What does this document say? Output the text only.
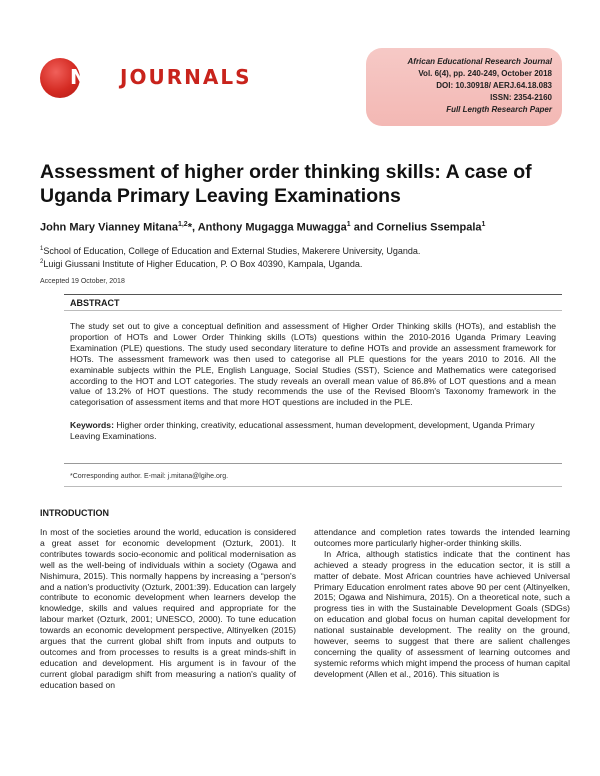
NETJOURNALS
African Educational Research Journal
Vol. 6(4), pp. 240-249, October 2018
DOI: 10.30918/ AERJ.64.18.083
ISSN: 2354-2160
Full Length Research Paper
Assessment of higher order thinking skills: A case of Uganda Primary Leaving Examinations
John Mary Vianney Mitana$^{1,2}$*, Anthony Mugagga Muwagga$^1$ and Cornelius Ssempala$^1$
$^1$School of Education, College of Education and External Studies, Makerere University, Uganda.
$^2$Luigi Giussani Institute of Higher Education, P. O Box 40390, Kampala, Uganda.
Accepted 19 October, 2018
ABSTRACT
The study set out to give a conceptual definition and assessment of Higher Order Thinking skills (HOTs), and establish the proportion of HOTs and Lower Order Thinking skills (LOTs) questions within the 2010-2016 Uganda Primary Leaving Examination (PLE) questions. The study used secondary literature to define HOTs and provide an assessment framework for HOTs. The assessment framework was then used to categorise all PLE questions for the years 2010 to 2016. All the examinable subjects within the PLE, English Language, Social Studies (SST), Science and Mathematics were categorised according to the HOT and LOT categories. The study reveals an overall mean value of 86.8% of LOT questions and a mean value of 13.2% of HOT questions. The study recommends the use of the Revised Bloom's Taxonomy framework in the categorisation of assessment items and that more HOT questions are included in the PLE.
Keywords: Higher order thinking, creativity, educational assessment, human development, development, Uganda Primary Leaving Examinations.
*Corresponding author. E-mail: j.mitana@lgihe.org.
INTRODUCTION

In most of the societies around the world, education is considered a great asset for economic development (Ozturk, 2001). It contributes towards socio-economic and political modernisation as well as the well-being of individuals within a society (Ogawa and Nishimura, 2015). This normally happens by increasing a “person's and a nation's productivity (Ozturk, 2001:39). Education can largely contribute to economic development when learners develop the knowledge, skills and values required and appropriate for the labour market (Ozturk, 2001; UNESCO, 2000). To tune education towards an economic development perspective, Altinyelken (2015) argues that the current global shift from inputs and outputs to outcomes and from processes to results is a great minds-shift in education and development. His argument is in favour of the current global paradigm shift from measuring a nation's quality of education based on

attendance and completion rates towards the intended learning outcomes more particularly higher-order thinking skills.

In Africa, although statistics indicate that the continent has achieved a steady progress in the education sector, it is still a matter of debate. Most African countries have achieved Universal Primary Education enrolment rates above 90 per cent (Altinyelken, 2015; Ogawa and Nishimura, 2015). On a theoretical note, such a progress ties in with the Sustainable Development Goals (SDGs) on education and global focus on human capital development for national sustainable development. The reality on the ground, however, seems to suggest that there are salient challenges concerning the quality of assessment of learning outcomes and systemic reforms which might impend the process of human capital development (Allen et al., 2016). This situation is
